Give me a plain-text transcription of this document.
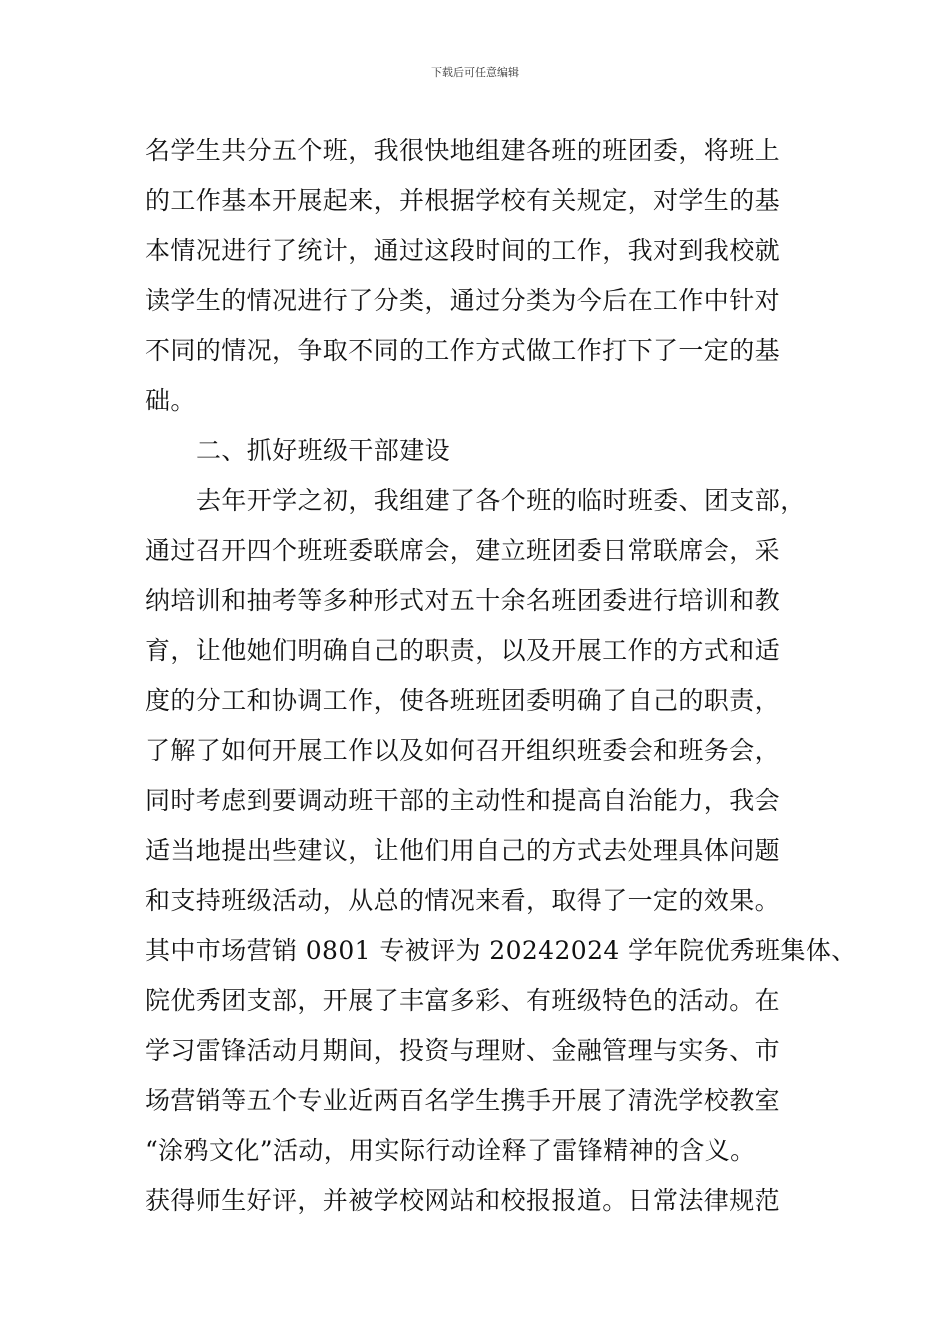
下载后可任意编辑
名学生共分五个班，我很快地组建各班的班团委，将班上
的工作基本开展起来，并根据学校有关规定，对学生的基
本情况进行了统计，通过这段时间的工作，我对到我校就
读学生的情况进行了分类，通过分类为今后在工作中针对
不同的情况，争取不同的工作方式做工作打下了一定的基
础。
二、抓好班级干部建设
去年开学之初，我组建了各个班的临时班委、团支部，
通过召开四个班班委联席会，建立班团委日常联席会，采
纳培训和抽考等多种形式对五十余名班团委进行培训和教
育，让他她们明确自己的职责，以及开展工作的方式和适
度的分工和协调工作，使各班班团委明确了自己的职责，
了解了如何开展工作以及如何召开组织班委会和班务会，
同时考虑到要调动班干部的主动性和提高自治能力，我会
适当地提出些建议，让他们用自己的方式去处理具体问题
和支持班级活动，从总的情况来看，取得了一定的效果。
其中市场营销 0801 专被评为 20242024 学年院优秀班集体、
院优秀团支部，开展了丰富多彩、有班级特色的活动。在
学习雷锋活动月期间，投资与理财、金融管理与实务、市
场营销等五个专业近两百名学生携手开展了清洗学校教室
“涂鸦文化”活动，用实际行动诠释了雷锋精神的含义。
获得师生好评，并被学校网站和校报报道。日常法律规范
